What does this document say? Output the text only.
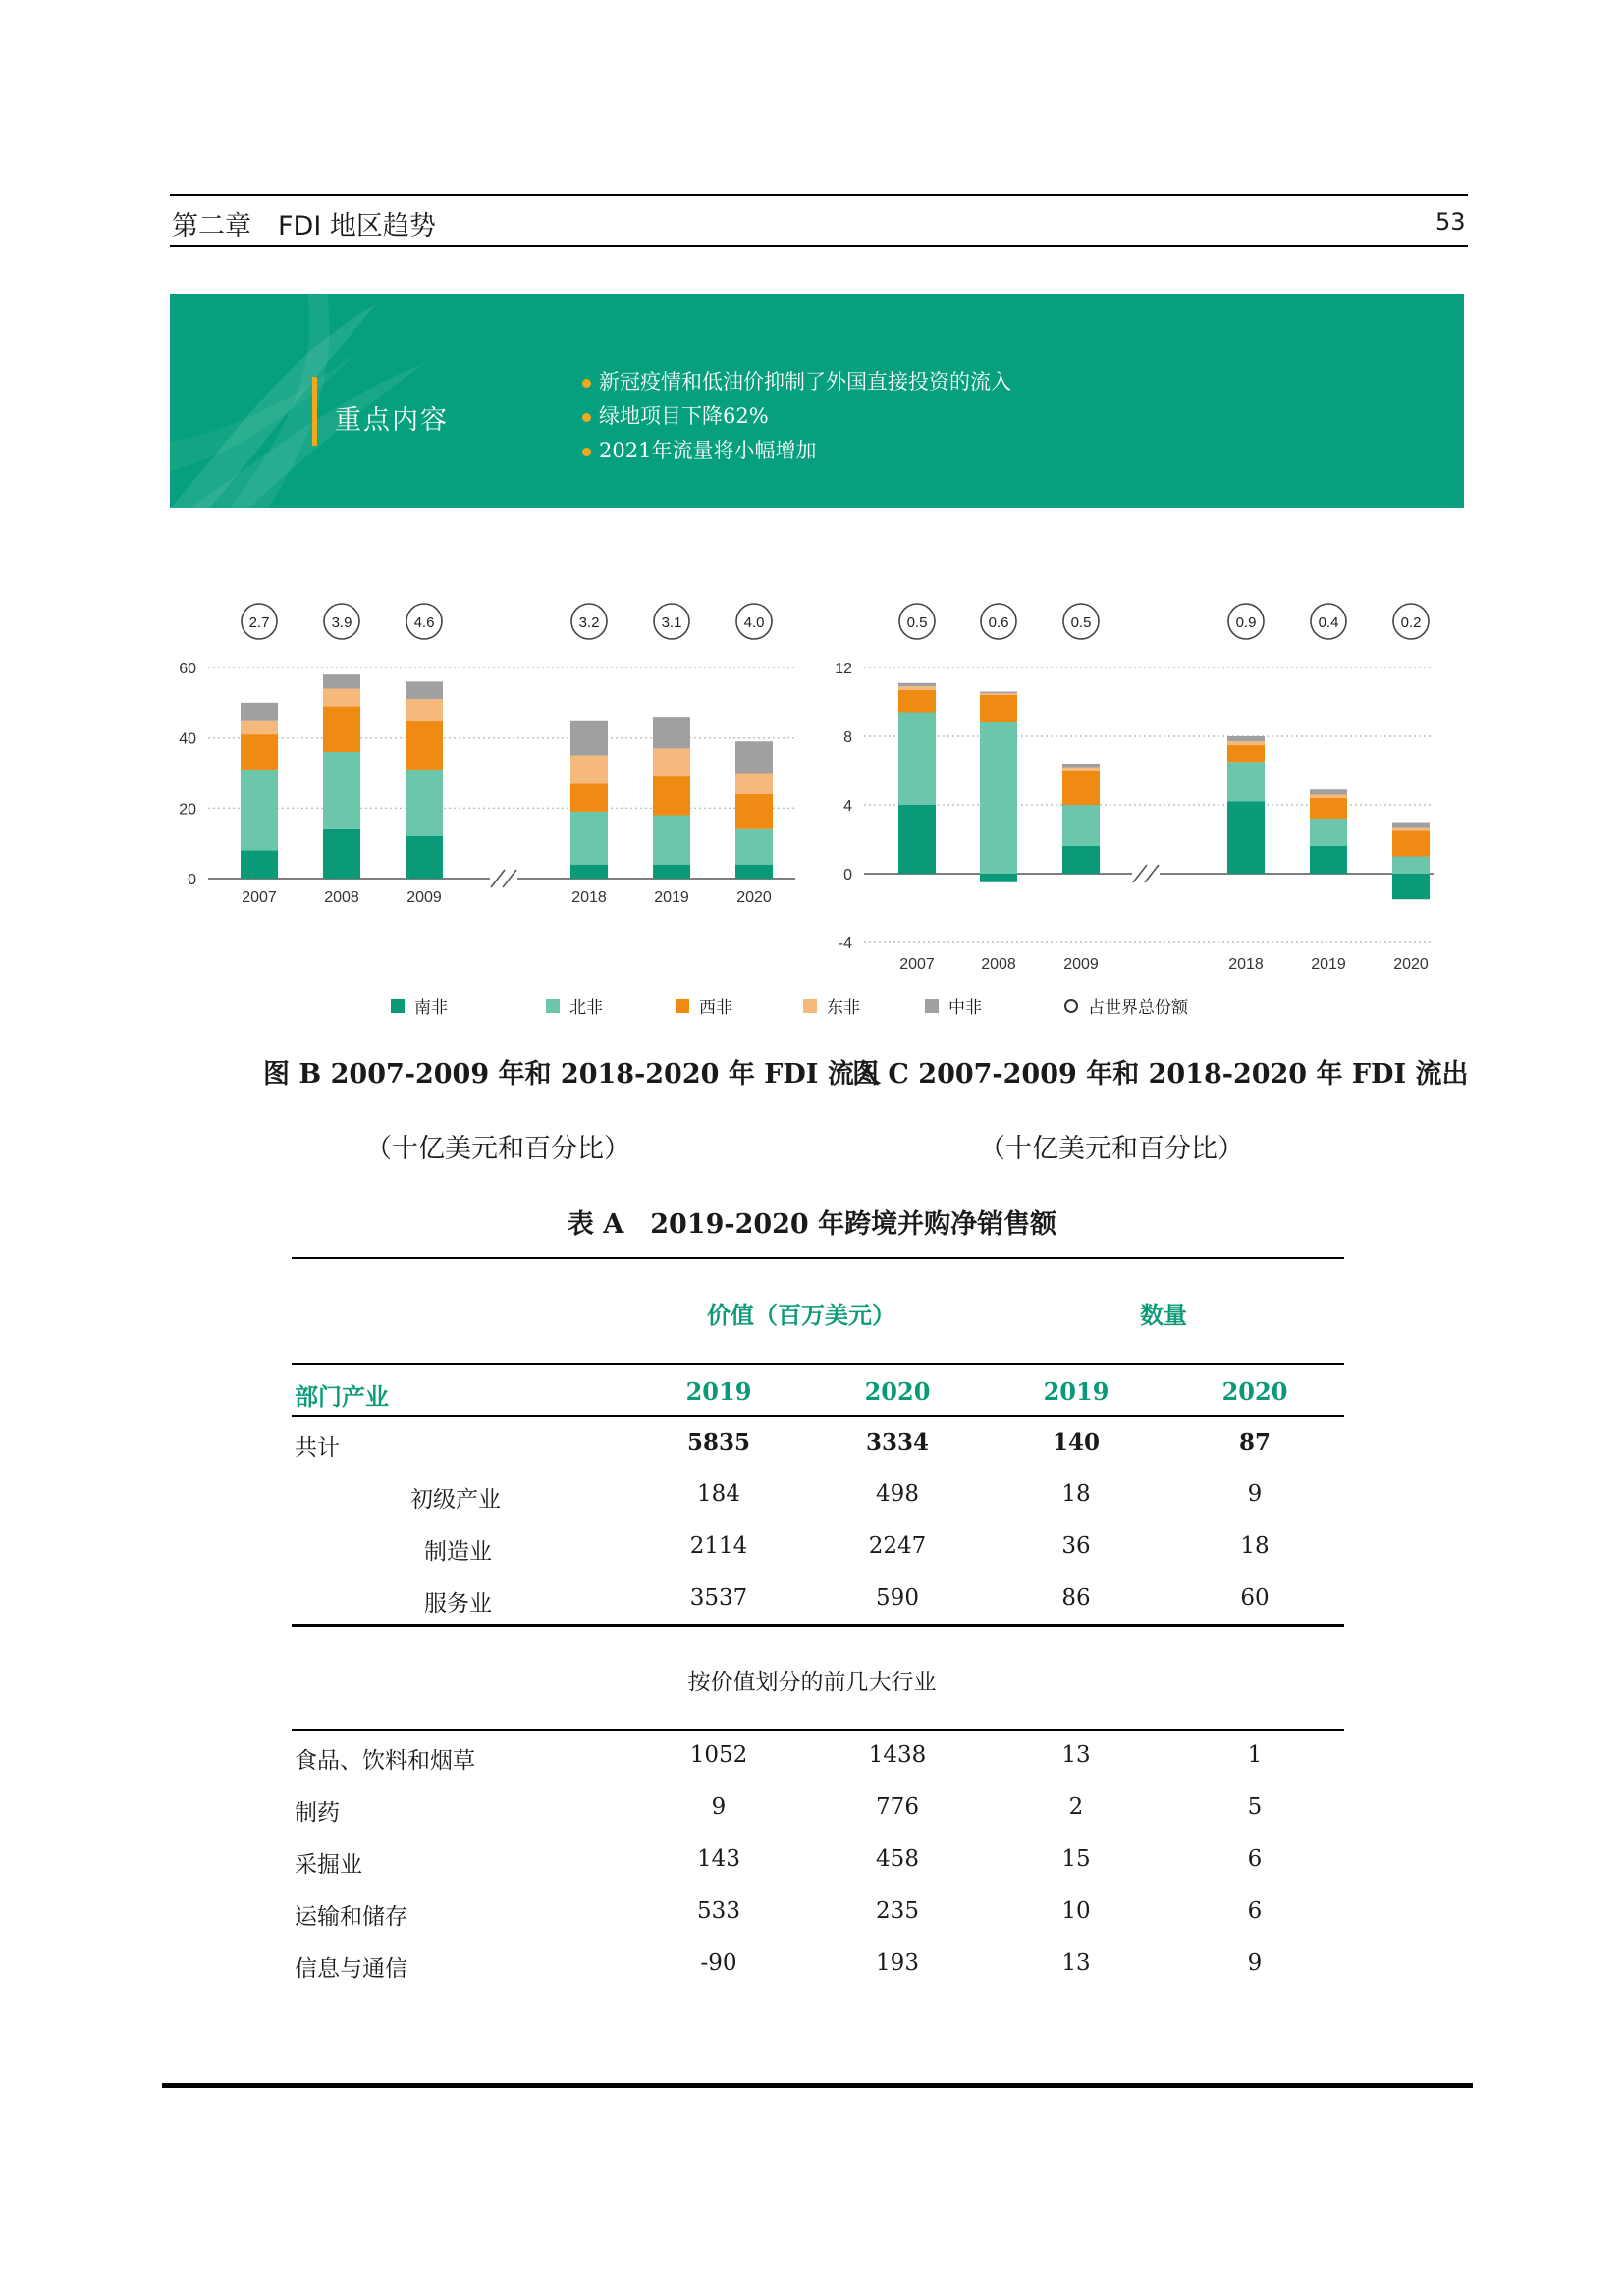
第二章　FDI 地区趋势	53
重点内容
新冠疫情和低油价抑制了外国直接投资的流入
绿地项目下降62%
2021年流量将小幅增加
0
20
40
60
2007
2.7
2008
3.9
2009
4.6
2018
3.2
2019
3.1
2020
4.0
-4
0
4
8
12
2007
0.5
2008
0.6
2009
0.5
2018
0.9
2019
0.4
2020
0.2
南非	北非	西非	东非	中非	占世界总份额
图 B 2007-2009 年和 2018-2020 年 FDI 流入
图 C 2007-2009 年和 2018-2020 年 FDI 流出
（十亿美元和百分比）	（十亿美元和百分比）
表 A　2019-2020 年跨境并购净销售额
价值（百万美元）	数量
部门产业	2019	2020	2019	2020
共计	5835	3334	140	87
初级产业	184	498	18	9
制造业	2114	2247	36	18
服务业	3537	590	86	60
按价值划分的前几大行业
食品、饮料和烟草	1052	1438	13	1
制药	9	776	2	5
采掘业	143	458	15	6
运输和储存	533	235	10	6
信息与通信	-90	193	13	9
